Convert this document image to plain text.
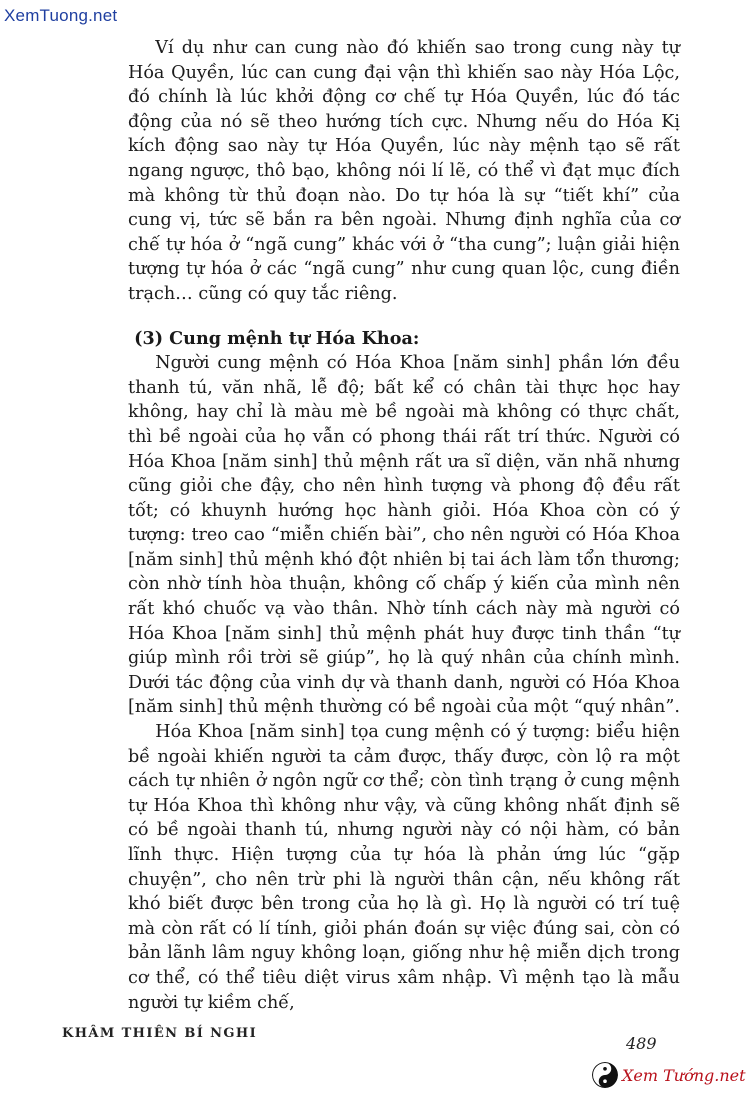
XemTuong.net

Ví dụ như can cung nào đó khiến sao trong cung này tự Hóa Quyền, lúc can cung đại vận thì khiến sao này Hóa Lộc, đó chính là lúc khởi động cơ chế tự Hóa Quyền, lúc đó tác động của nó sẽ theo hướng tích cực. Nhưng nếu do Hóa Kị kích động sao này tự Hóa Quyền, lúc này mệnh tạo sẽ rất ngang ngược, thô bạo, không nói lí lẽ, có thể vì đạt mục đích mà không từ thủ đoạn nào. Do tự hóa là sự “tiết khí” của cung vị, tức sẽ bắn ra bên ngoài. Nhưng định nghĩa của cơ chế tự hóa ở “ngã cung” khác với ở “tha cung”; luận giải hiện tượng tự hóa ở các “ngã cung” như cung quan lộc, cung điền trạch… cũng có quy tắc riêng.

(3) Cung mệnh tự Hóa Khoa:

Người cung mệnh có Hóa Khoa [năm sinh] phần lớn đều thanh tú, văn nhã, lễ độ; bất kể có chân tài thực học hay không, hay chỉ là màu mè bề ngoài mà không có thực chất, thì bề ngoài của họ vẫn có phong thái rất trí thức. Người có Hóa Khoa [năm sinh] thủ mệnh rất ưa sĩ diện, văn nhã nhưng cũng giỏi che đậy, cho nên hình tượng và phong độ đều rất tốt; có khuynh hướng học hành giỏi. Hóa Khoa còn có ý tượng: treo cao “miễn chiến bài”, cho nên người có Hóa Khoa [năm sinh] thủ mệnh khó đột nhiên bị tai ách làm tổn thương; còn nhờ tính hòa thuận, không cố chấp ý kiến của mình nên rất khó chuốc vạ vào thân. Nhờ tính cách này mà người có Hóa Khoa [năm sinh] thủ mệnh phát huy được tinh thần “tự giúp mình rồi trời sẽ giúp”, họ là quý nhân của chính mình. Dưới tác động của vinh dự và thanh danh, người có Hóa Khoa [năm sinh] thủ mệnh thường có bề ngoài của một “quý nhân”.

Hóa Khoa [năm sinh] tọa cung mệnh có ý tượng: biểu hiện bề ngoài khiến người ta cảm được, thấy được, còn lộ ra một cách tự nhiên ở ngôn ngữ cơ thể; còn tình trạng ở cung mệnh tự Hóa Khoa thì không như vậy, và cũng không nhất định sẽ có bề ngoài thanh tú, nhưng người này có nội hàm, có bản lĩnh thực. Hiện tượng của tự hóa là phản ứng lúc “gặp chuyện”, cho nên trừ phi là người thân cận, nếu không rất khó biết được bên trong của họ là gì. Họ là người có trí tuệ mà còn rất có lí tính, giỏi phán đoán sự việc đúng sai, còn có bản lãnh lâm nguy không loạn, giống như hệ miễn dịch trong cơ thể, có thể tiêu diệt virus xâm nhập. Vì mệnh tạo là mẫu người tự kiềm chế,

KHÂM THIÊN BÍ NGHI
489
Xem Tướng.net
